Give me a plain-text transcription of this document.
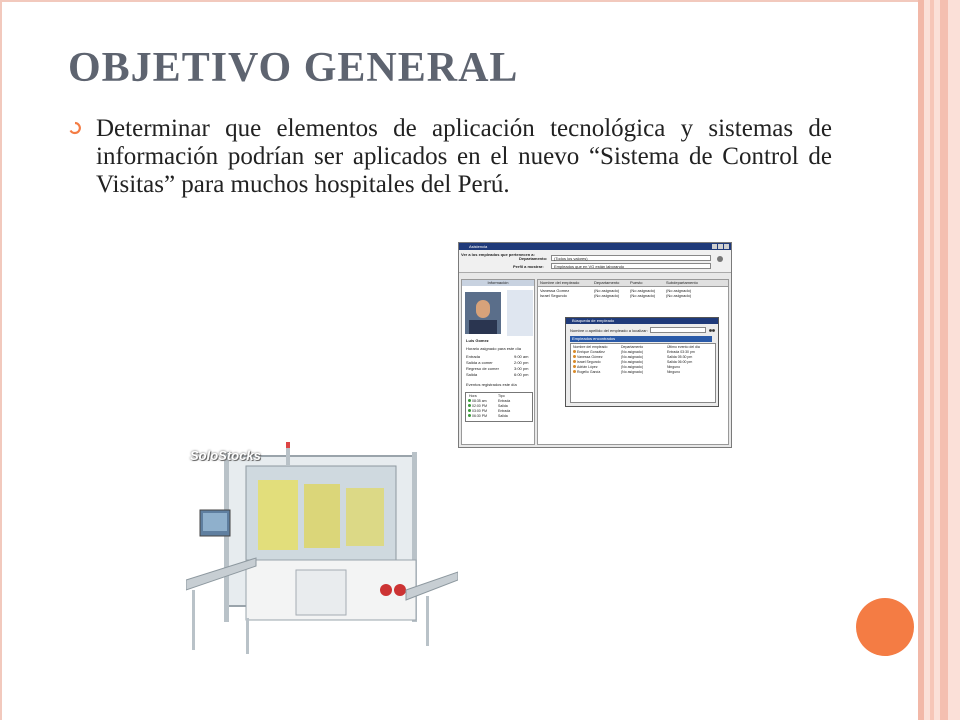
OBJETIVO GENERAL
Determinar que elementos de aplicación tecnológica y sistemas de información podrían ser aplicados en el nuevo “Sistema de Control de Visitas” para muchos hospitales del Perú.
Asistencia
Ver a los empleados que pertenecen a:
Departamento:	(Todos los valores)
Perfil a mostrar:	Empleados que en VG están laborando
Información
Luis Gomez
Horario asignado para este día
Entrada	9:00 am
Salida a comer	2:00 pm
Regreso de comer	3:00 pm
Salida	6:00 pm
Eventos registrados este día
Hora	Tipo
08:35 am	Entrada
02:00 PM	Salida
03:00 PM	Entrada
06:30 PM	Salida
Nombre del empleado	Departamento	Puesto	Subdepartamento
Vanessa Gomez	(No asignado)	(No asignado)	(No asignado)
Israel Segundo	(No asignado)	(No asignado)	(No asignado)
Búsqueda de empleado
Nombre o apellido del empleado a localizar:
Empleados encontrados
Nombre del empleado	Departamento	Último evento del día
Enrique González	(No asignado)	Entrada 03:30 pm
Vanessa Gómez	(No asignado)	Salida 05:30 pm
Israel Segundo	(No asignado)	Salida 06:00 pm
Adrián López	(No asignado)	Ninguno
Rogelio García	(No asignado)	Ninguno
SoloStocks
